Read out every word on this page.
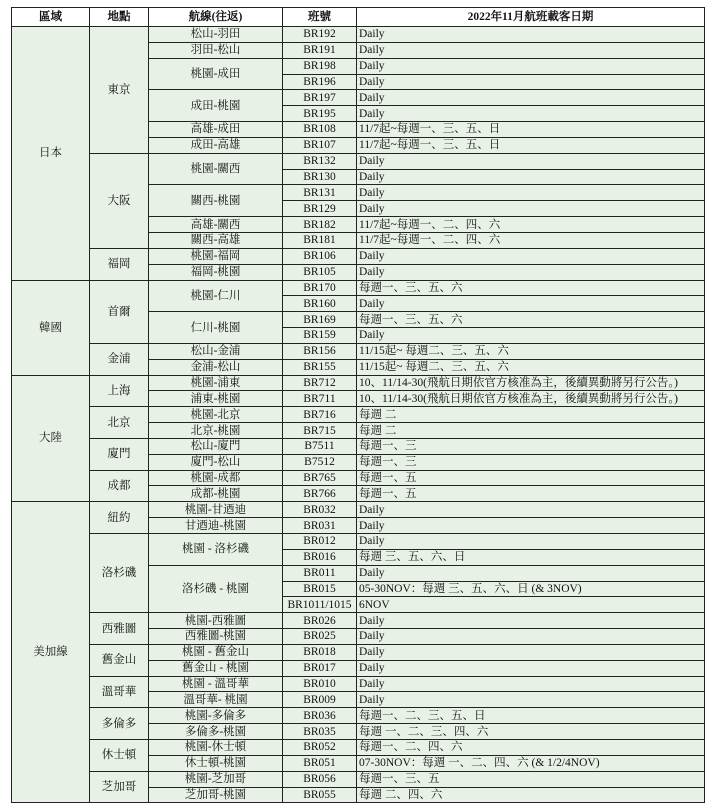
區域	地點	航線(往返)	班號	2022年11月航班載客日期
日本	東京	松山-羽田	BR192	Daily
		羽田-松山	BR191	Daily
		桃園-成田	BR198	Daily
			BR196	Daily
		成田-桃園	BR197	Daily
			BR195	Daily
		高雄-成田	BR108	11/7起~每週一、三、五、日
		成田-高雄	BR107	11/7起~每週一、三、五、日
	大阪	桃園-關西	BR132	Daily
			BR130	Daily
		關西-桃園	BR131	Daily
			BR129	Daily
		高雄-關西	BR182	11/7起~每週一、二、四、六
		關西-高雄	BR181	11/7起~每週一、二、四、六
	福岡	桃園-福岡	BR106	Daily
		福岡-桃園	BR105	Daily
韓國	首爾	桃園-仁川	BR170	每週一、三、五、六
			BR160	Daily
		仁川-桃園	BR169	每週一、三、五、六
			BR159	Daily
	金浦	松山-金浦	BR156	11/15起~ 每週二、三、五、六
		金浦-松山	BR155	11/15起~ 每週二、三、五、六
大陸	上海	桃園-浦東	BR712	10、11/14-30(飛航日期依官方核准為主，後續異動將另行公告。)
		浦東-桃園	BR711	10、11/14-30(飛航日期依官方核准為主，後續異動將另行公告。)
	北京	桃園-北京	BR716	每週 二
		北京-桃園	BR715	每週 二
	廈門	松山-廈門	B7511	每週一、三
		廈門-松山	B7512	每週一、三
	成都	桃園-成都	BR765	每週一、五
		成都-桃園	BR766	每週一、五
美加線	紐約	桃園-甘迺迪	BR032	Daily
		甘迺迪-桃園	BR031	Daily
	洛杉磯	桃園 - 洛杉磯	BR012	Daily
			BR016	每週 三、五、六、日
		洛杉磯 - 桃園	BR011	Daily
			BR015	05-30NOV：每週 三、五、六、日 (& 3NOV)
			BR1011/1015	6NOV
	西雅圖	桃園-西雅圖	BR026	Daily
		西雅圖-桃園	BR025	Daily
	舊金山	桃園 - 舊金山	BR018	Daily
		舊金山 - 桃園	BR017	Daily
	溫哥華	桃園 - 溫哥華	BR010	Daily
		溫哥華- 桃園	BR009	Daily
	多倫多	桃園-多倫多	BR036	每週一、二、三、五、日
		多倫多-桃園	BR035	每週 一、二、三、四、六
	休士頓	桃園-休士頓	BR052	每週一、二、四、六
		休士頓-桃園	BR051	07-30NOV：每週 一、二、四、六 (& 1/2/4NOV)
	芝加哥	桃園-芝加哥	BR056	每週一、三、五
		芝加哥-桃園	BR055	每週 二、四、六
